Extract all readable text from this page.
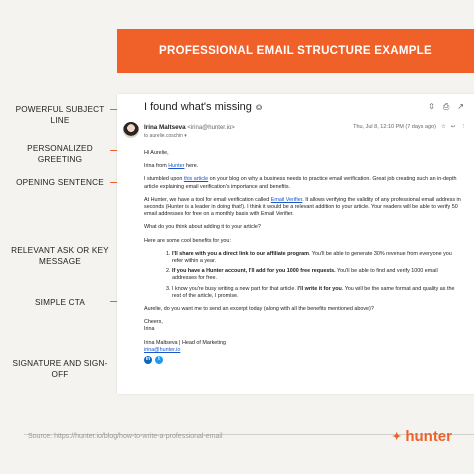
PROFESSIONAL EMAIL STRUCTURE EXAMPLE
POWERFUL SUBJECT LINE
PERSONALIZED GREETING
OPENING SENTENCE
RELEVANT ASK OR KEY MESSAGE
SIMPLE CTA
SIGNATURE AND SIGN-OFF
I found what's missing ⭗	⇳ ⎙ ↗
Irina Maltseva <irina@hunter.io>
to aurelie.coschin ▾
Thu, Jul 8, 12:10 PM (7 days ago) ☆ ↩ ⋮

Hi Aurelie,

Irina from Hunter here.

I stumbled upon this article on your blog on why a business needs to practice email verification. Great job creating such an in-depth article explaining email verification's importance and benefits.

At Hunter, we have a tool for email verification called Email Verifier. It allows verifying the validity of any professional email address in seconds (Hunter is a leader in doing that!). I think it would be a relevant addition to your article. Your readers will be able to verify 50 email addresses for free on a monthly basis with Email Verifier.

What do you think about adding it to your article?

Here are some cool benefits for you:

1. I'll share with you a direct link to our affiliate program. You'll be able to generate 30% revenue from everyone you refer within a year.
2. If you have a Hunter account, I'll add for you 1000 free requests. You'll be able to find and verify 1000 email addresses for free.
3. I know you're busy writing a new part for that article. I'll write it for you. You will be the same format and quality as the rest of the article, I promise.

Aurelie, do you want me to send an excerpt today (along with all the benefits mentioned above)?

Cheers,
Irina

Irina Maltseva | Head of Marketing
irina@hunter.io

in	t
Source: https://hunter.io/blog/how-to-write-a-professional-email	✦ hunter
